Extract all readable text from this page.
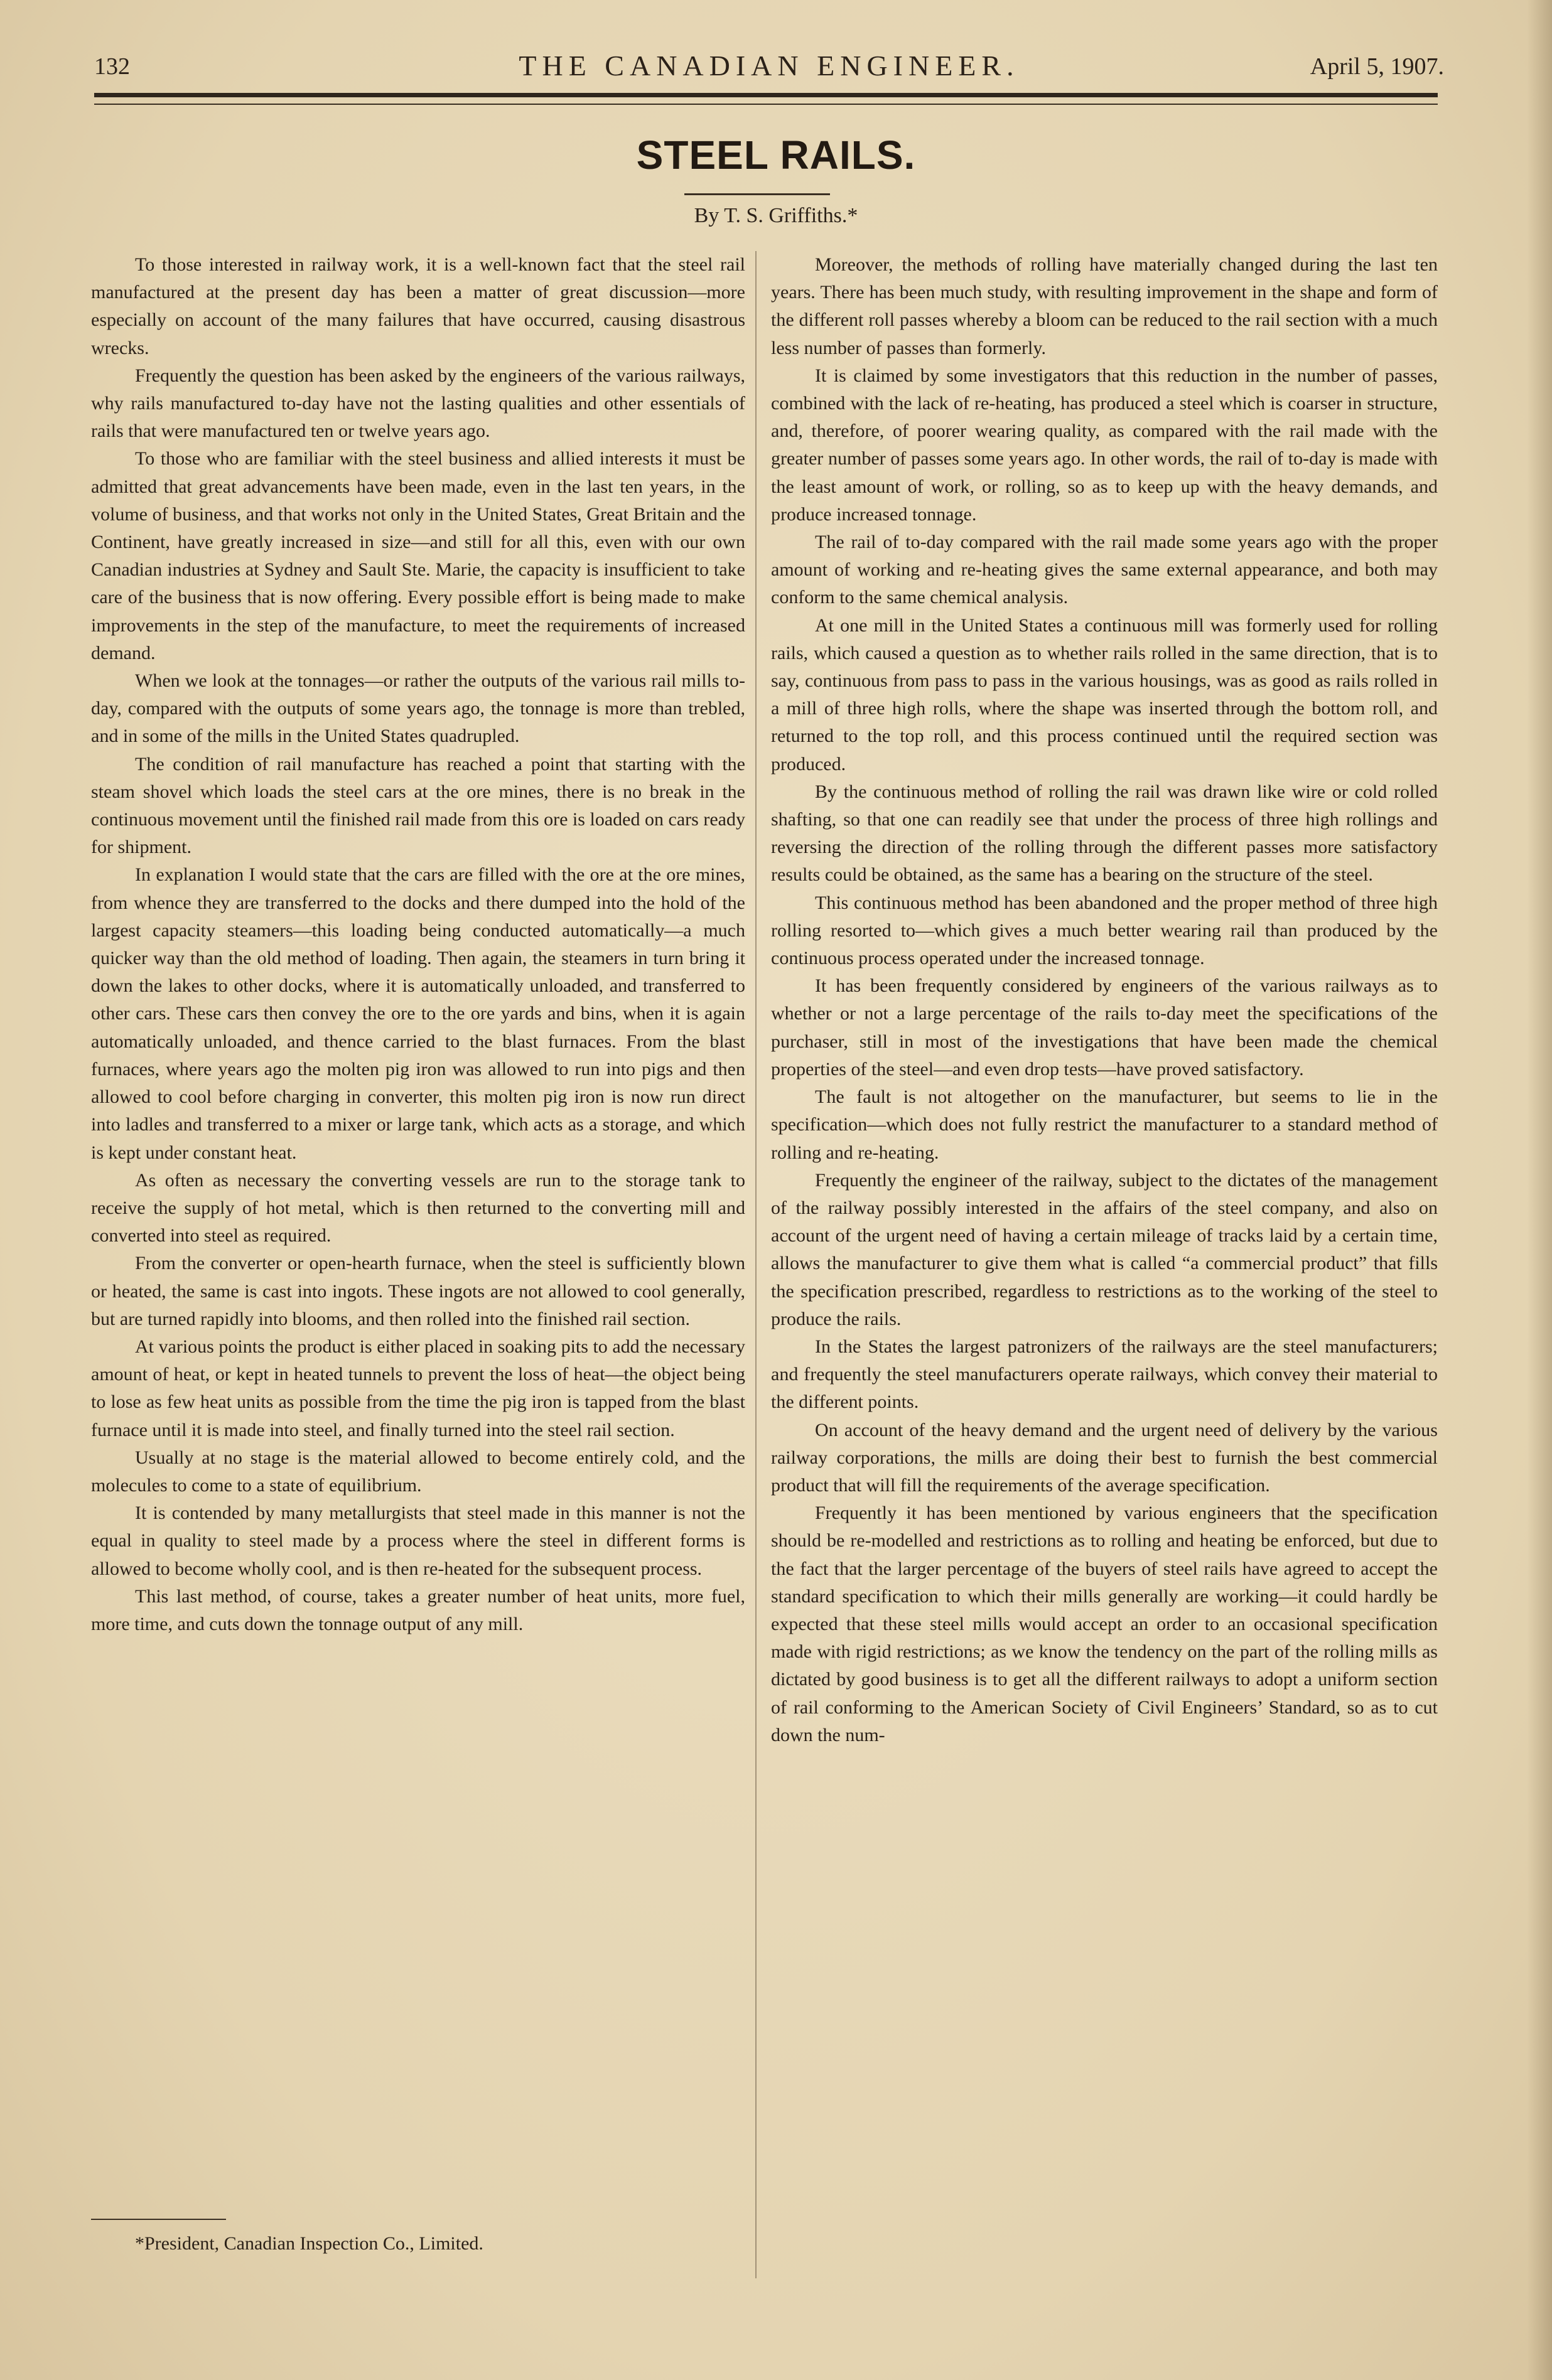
132	THE CANADIAN ENGINEER.	April 5, 1907.
STEEL RAILS.
By T. S. Griffiths.*

To those interested in railway work, it is a well-known fact that the steel rail manufactured at the present day has been a matter of great discussion—more especially on account of the many failures that have occurred, causing disastrous wrecks.

Frequently the question has been asked by the engineers of the various railways, why rails manufactured to-day have not the lasting qualities and other essentials of rails that were manufactured ten or twelve years ago.

To those who are familiar with the steel business and allied interests it must be admitted that great advancements have been made, even in the last ten years, in the volume of business, and that works not only in the United States, Great Britain and the Continent, have greatly increased in size—and still for all this, even with our own Canadian industries at Sydney and Sault Ste. Marie, the capacity is insufficient to take care of the business that is now offering. Every possible effort is being made to make improvements in the step of the manufacture, to meet the requirements of increased demand.

When we look at the tonnages—or rather the outputs of the various rail mills to-day, compared with the outputs of some years ago, the tonnage is more than trebled, and in some of the mills in the United States quadrupled.

The condition of rail manufacture has reached a point that starting with the steam shovel which loads the steel cars at the ore mines, there is no break in the continuous movement until the finished rail made from this ore is loaded on cars ready for shipment.

In explanation I would state that the cars are filled with the ore at the ore mines, from whence they are transferred to the docks and there dumped into the hold of the largest capacity steamers—this loading being conducted automatically—a much quicker way than the old method of loading. Then again, the steamers in turn bring it down the lakes to other docks, where it is automatically unloaded, and transferred to other cars. These cars then convey the ore to the ore yards and bins, when it is again automatically unloaded, and thence carried to the blast furnaces. From the blast furnaces, where years ago the molten pig iron was allowed to run into pigs and then allowed to cool before charging in converter, this molten pig iron is now run direct into ladles and transferred to a mixer or large tank, which acts as a storage, and which is kept under constant heat.

As often as necessary the converting vessels are run to the storage tank to receive the supply of hot metal, which is then returned to the converting mill and converted into steel as required.

From the converter or open-hearth furnace, when the steel is sufficiently blown or heated, the same is cast into ingots. These ingots are not allowed to cool generally, but are turned rapidly into blooms, and then rolled into the finished rail section.

At various points the product is either placed in soaking pits to add the necessary amount of heat, or kept in heated tunnels to prevent the loss of heat—the object being to lose as few heat units as possible from the time the pig iron is tapped from the blast furnace until it is made into steel, and finally turned into the steel rail section.

Usually at no stage is the material allowed to become entirely cold, and the molecules to come to a state of equilibrium.

It is contended by many metallurgists that steel made in this manner is not the equal in quality to steel made by a process where the steel in different forms is allowed to become wholly cool, and is then re-heated for the subsequent process.

This last method, of course, takes a greater number of heat units, more fuel, more time, and cuts down the tonnage output of any mill.

Moreover, the methods of rolling have materially changed during the last ten years. There has been much study, with resulting improvement in the shape and form of the different roll passes whereby a bloom can be reduced to the rail section with a much less number of passes than formerly.

It is claimed by some investigators that this reduction in the number of passes, combined with the lack of re-heating, has produced a steel which is coarser in structure, and, therefore, of poorer wearing quality, as compared with the rail made with the greater number of passes some years ago. In other words, the rail of to-day is made with the least amount of work, or rolling, so as to keep up with the heavy demands, and produce increased tonnage.

The rail of to-day compared with the rail made some years ago with the proper amount of working and re-heating gives the same external appearance, and both may conform to the same chemical analysis.

At one mill in the United States a continuous mill was formerly used for rolling rails, which caused a question as to whether rails rolled in the same direction, that is to say, continuous from pass to pass in the various housings, was as good as rails rolled in a mill of three high rolls, where the shape was inserted through the bottom roll, and returned to the top roll, and this process continued until the required section was produced.

By the continuous method of rolling the rail was drawn like wire or cold rolled shafting, so that one can readily see that under the process of three high rollings and reversing the direction of the rolling through the different passes more satisfactory results could be obtained, as the same has a bearing on the structure of the steel.

This continuous method has been abandoned and the proper method of three high rolling resorted to—which gives a much better wearing rail than produced by the continuous process operated under the increased tonnage.

It has been frequently considered by engineers of the various railways as to whether or not a large percentage of the rails to-day meet the specifications of the purchaser, still in most of the investigations that have been made the chemical properties of the steel—and even drop tests—have proved satisfactory.

The fault is not altogether on the manufacturer, but seems to lie in the specification—which does not fully restrict the manufacturer to a standard method of rolling and re-heating.

Frequently the engineer of the railway, subject to the dictates of the management of the railway possibly interested in the affairs of the steel company, and also on account of the urgent need of having a certain mileage of tracks laid by a certain time, allows the manufacturer to give them what is called “a commercial product” that fills the specification prescribed, regardless to restrictions as to the working of the steel to produce the rails.

In the States the largest patronizers of the railways are the steel manufacturers; and frequently the steel manufacturers operate railways, which convey their material to the different points.

On account of the heavy demand and the urgent need of delivery by the various railway corporations, the mills are doing their best to furnish the best commercial product that will fill the requirements of the average specification.

Frequently it has been mentioned by various engineers that the specification should be re-modelled and restrictions as to rolling and heating be enforced, but due to the fact that the larger percentage of the buyers of steel rails have agreed to accept the standard specification to which their mills generally are working—it could hardly be expected that these steel mills would accept an order to an occasional specification made with rigid restrictions; as we know the tendency on the part of the rolling mills as dictated by good business is to get all the different railways to adopt a uniform section of rail conforming to the American Society of Civil Engineers’ Standard, so as to cut down the num-

*President, Canadian Inspection Co., Limited.
